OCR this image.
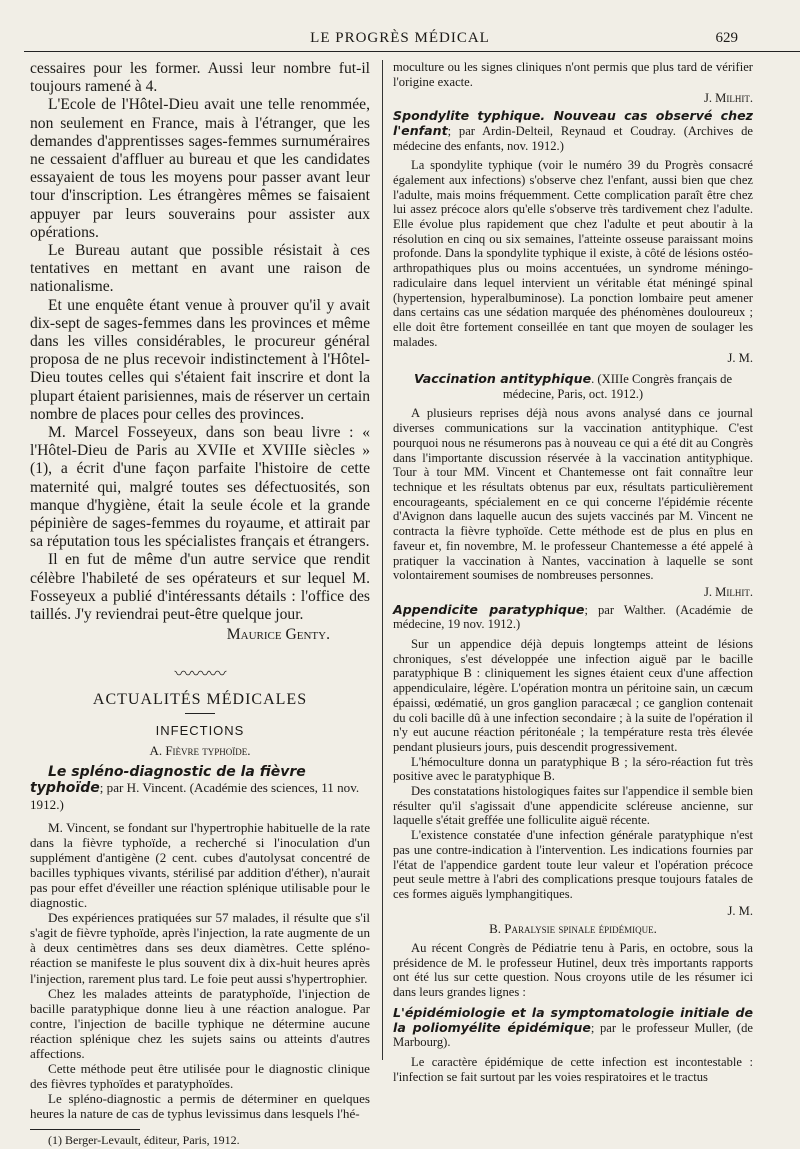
LE PROGRÈS MÉDICAL	629

cessaires pour les former. Aussi leur nombre fut-il toujours ramené à 4.

L'Ecole de l'Hôtel-Dieu avait une telle renommée, non seulement en France, mais à l'étranger, que les demandes d'apprentisses sages-femmes surnuméraires ne cessaient d'affluer au bureau et que les candidates essayaient de tous les moyens pour passer avant leur tour d'inscription. Les étrangères mêmes se faisaient appuyer par leurs souverains pour assister aux opérations.

Le Bureau autant que possible résistait à ces tentatives en mettant en avant une raison de nationalisme.

Et une enquête étant venue à prouver qu'il y avait dix-sept de sages-femmes dans les provinces et même dans les villes considérables, le procureur général proposa de ne plus recevoir indistinctement à l'Hôtel-Dieu toutes celles qui s'étaient fait inscrire et dont la plupart étaient parisiennes, mais de réserver un certain nombre de places pour celles des provinces.

M. Marcel Fosseyeux, dans son beau livre : « l'Hôtel-Dieu de Paris au XVIIe et XVIIIe siècles » (1), a écrit d'une façon parfaite l'histoire de cette maternité qui, malgré toutes ses défectuosités, son manque d'hygiène, était la seule école et la grande pépinière de sages-femmes du royaume, et attirait par sa réputation tous les spécialistes français et étrangers.

Il en fut de même d'un autre service que rendit célèbre l'habileté de ses opérateurs et sur lequel M. Fosseyeux a publié d'intéressants détails : l'office des taillés. J'y reviendrai peut-être quelque jour.

Maurice Genty.
〰〰〰
ACTUALITÉS MÉDICALES
INFECTIONS
A. Fièvre typhoïde.

Le spléno-diagnostic de la fièvre typhoïde; par H. Vincent. (Académie des sciences, 11 nov. 1912.)

M. Vincent, se fondant sur l'hypertrophie habituelle de la rate dans la fièvre typhoïde, a recherché si l'inoculation d'un supplément d'antigène (2 cent. cubes d'autolysat concentré de bacilles typhiques vivants, stérilisé par addition d'éther), n'aurait pas pour effet d'éveiller une réaction splénique utilisable pour le diagnostic.

Des expériences pratiquées sur 57 malades, il résulte que s'il s'agit de fièvre typhoïde, après l'injection, la rate augmente de un à deux centimètres dans ses deux diamètres. Cette spléno-réaction se manifeste le plus souvent dix à dix-huit heures après l'injection, rarement plus tard. Le foie peut aussi s'hypertrophier.

Chez les malades atteints de paratyphoïde, l'injection de bacille paratyphique donne lieu à une réaction analogue. Par contre, l'injection de bacille typhique ne détermine aucune réaction splénique chez les sujets sains ou atteints d'autres affections.

Cette méthode peut être utilisée pour le diagnostic clinique des fièvres typhoïdes et paratyphoïdes.

Le spléno-diagnostic a permis de déterminer en quelques heures la nature de cas de typhus levissimus dans lesquels l'hé-

(1) Berger-Levault, éditeur, Paris, 1912.

moculture ou les signes cliniques n'ont permis que plus tard de vérifier l'origine exacte.

J. Milhit.

Spondylite typhique. Nouveau cas observé chez l'enfant; par Ardin-Delteil, Reynaud et Coudray. (Archives de médecine des enfants, nov. 1912.)

La spondylite typhique (voir le numéro 39 du Progrès consacré également aux infections) s'observe chez l'enfant, aussi bien que chez l'adulte, mais moins fréquemment. Cette complication paraît être chez lui assez précoce alors qu'elle s'observe très tardivement chez l'adulte. Elle évolue plus rapidement que chez l'adulte et peut aboutir à la résolution en cinq ou six semaines, l'atteinte osseuse paraissant moins profonde. Dans la spondylite typhique il existe, à côté de lésions ostéo-arthropathiques plus ou moins accentuées, un syndrome méningo-radiculaire dans lequel intervient un véritable état méningé spinal (hypertension, hyperalbuminose). La ponction lombaire peut amener dans certains cas une sédation marquée des phénomènes douloureux ; elle doit être fortement conseillée en tant que moyen de soulager les malades.

J. M.

Vaccination antityphique. (XIIIe Congrès français de médecine, Paris, oct. 1912.)

A plusieurs reprises déjà nous avons analysé dans ce journal diverses communications sur la vaccination antityphique. C'est pourquoi nous ne résumerons pas à nouveau ce qui a été dit au Congrès dans l'importante discussion réservée à la vaccination antityphique. Tour à tour MM. Vincent et Chantemesse ont fait connaître leur technique et les résultats obtenus par eux, résultats particulièrement encourageants, spécialement en ce qui concerne l'épidémie récente d'Avignon dans laquelle aucun des sujets vaccinés par M. Vincent ne contracta la fièvre typhoïde. Cette méthode est de plus en plus en faveur et, fin novembre, M. le professeur Chantemesse a été appelé à pratiquer la vaccination à Nantes, vaccination à laquelle se sont volontairement soumises de nombreuses personnes.

J. Milhit.

Appendicite paratyphique; par Walther. (Académie de médecine, 19 nov. 1912.)

Sur un appendice déjà depuis longtemps atteint de lésions chroniques, s'est développée une infection aiguë par le bacille paratyphique B : cliniquement les signes étaient ceux d'une affection appendiculaire, légère. L'opération montra un péritoine sain, un cæcum épaissi, œdématié, un gros ganglion paracæcal ; ce ganglion contenait du coli bacille dû à une infection secondaire ; à la suite de l'opération il n'y eut aucune réaction péritonéale ; la température resta très élevée pendant plusieurs jours, puis descendit progressivement.

L'hémoculture donna un paratyphique B ; la séro-réaction fut très positive avec le paratyphique B.

Des constatations histologiques faites sur l'appendice il semble bien résulter qu'il s'agissait d'une appendicite scléreuse ancienne, sur laquelle s'était greffée une folliculite aiguë récente.

L'existence constatée d'une infection générale paratyphique n'est pas une contre-indication à l'intervention. Les indications fournies par l'état de l'appendice gardent toute leur valeur et l'opération précoce peut seule mettre à l'abri des complications presque toujours fatales de ces formes aiguës lymphangitiques.

J. M.
B. Paralysie spinale épidémique.

Au récent Congrès de Pédiatrie tenu à Paris, en octobre, sous la présidence de M. le professeur Hutinel, deux très importants rapports ont été lus sur cette question. Nous croyons utile de les résumer ici dans leurs grandes lignes :

L'épidémiologie et la symptomatologie initiale de la poliomyélite épidémique; par le professeur Muller, (de Marbourg).

Le caractère épidémique de cette infection est incontestable : l'infection se fait surtout par les voies respiratoires et le tractus
